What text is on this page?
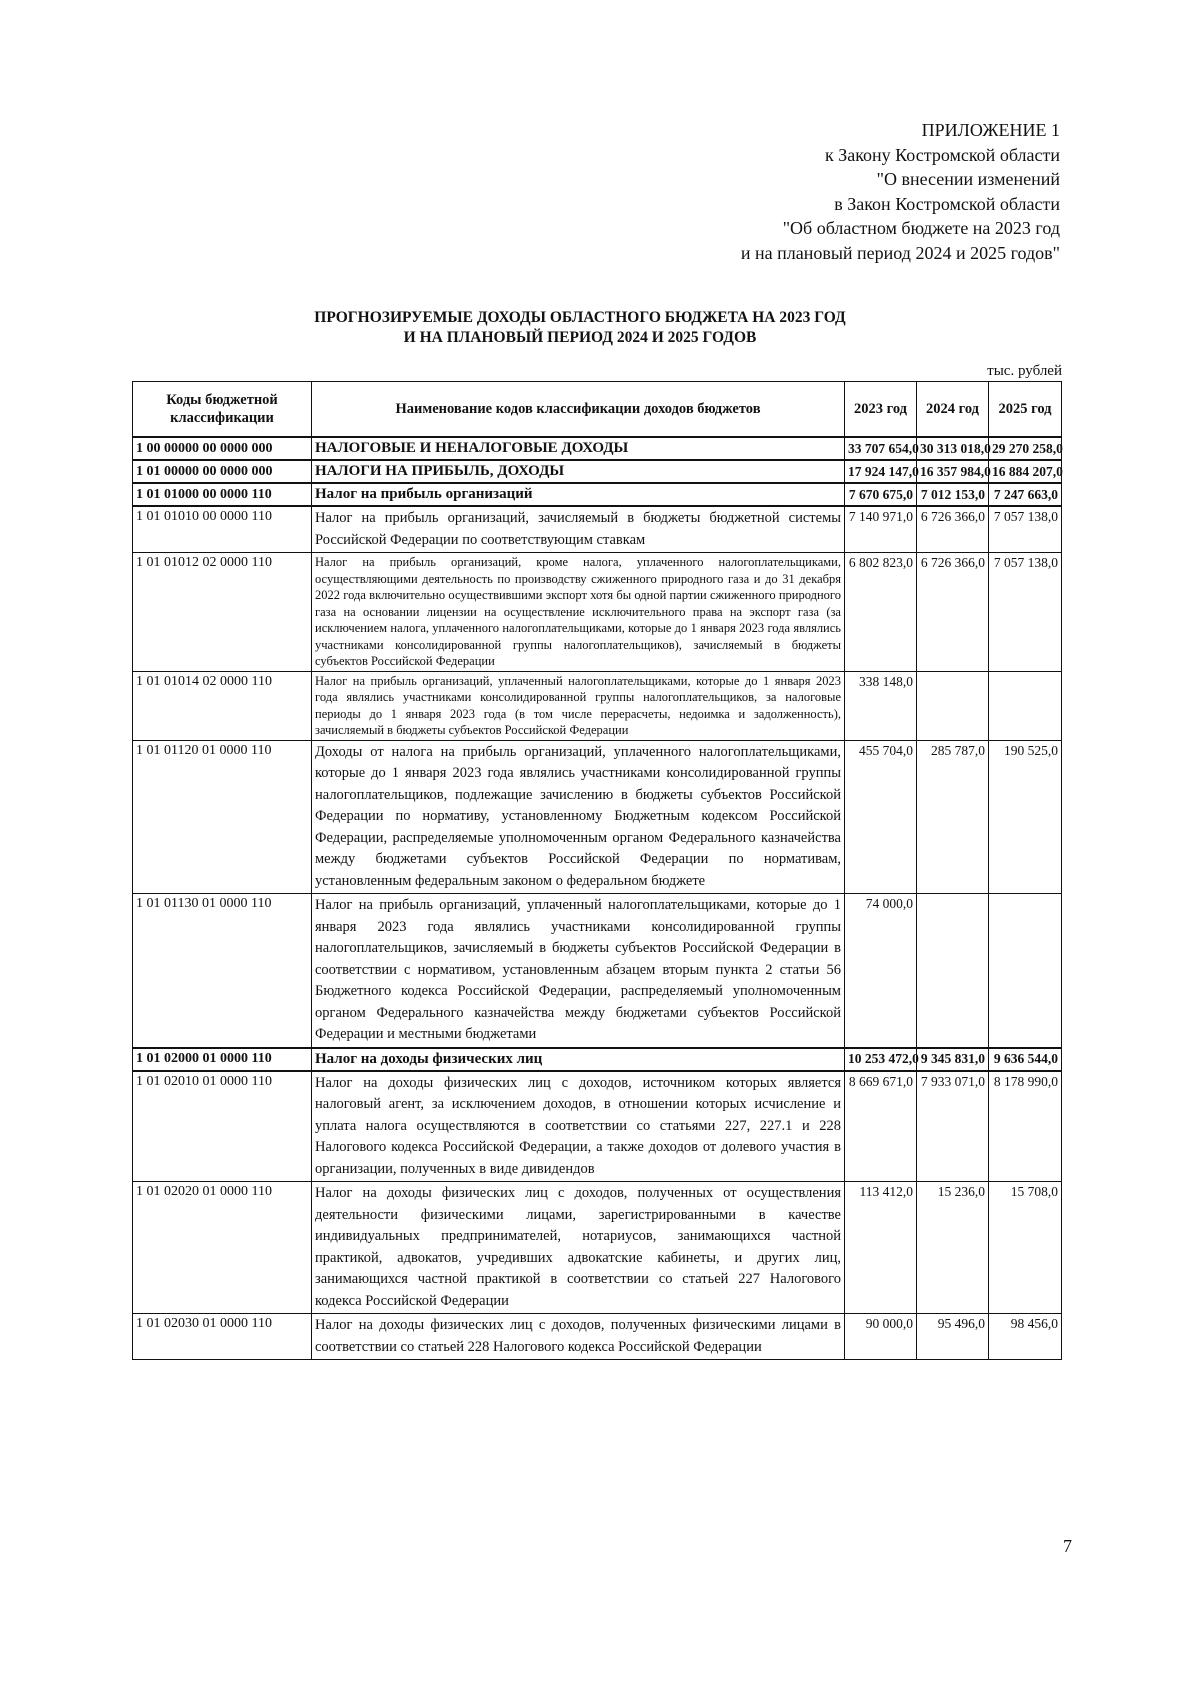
ПРИЛОЖЕНИЕ 1
к Закону Костромской области
"О внесении изменений
в Закон Костромской области
"Об областном бюджете на 2023 год
и на плановый период 2024 и 2025 годов"
ПРОГНОЗИРУЕМЫЕ ДОХОДЫ ОБЛАСТНОГО БЮДЖЕТА НА 2023 ГОД
И НА ПЛАНОВЫЙ ПЕРИОД 2024 И 2025 ГОДОВ
тыс. рублей
Коды бюджетной классификации	Наименование кодов классификации доходов бюджетов	2023 год	2024 год	2025 год
1 00 00000 00 0000 000	НАЛОГОВЫЕ И НЕНАЛОГОВЫЕ ДОХОДЫ	33 707 654,0	30 313 018,0	29 270 258,0
1 01 00000 00 0000 000	НАЛОГИ НА ПРИБЫЛЬ, ДОХОДЫ	17 924 147,0	16 357 984,0	16 884 207,0
1 01 01000 00 0000 110	Налог на прибыль организаций	7 670 675,0	7 012 153,0	7 247 663,0
1 01 01010 00 0000 110	Налог на прибыль организаций, зачисляемый в бюджеты бюджетной системы Российской Федерации по соответствующим ставкам	7 140 971,0	6 726 366,0	7 057 138,0
1 01 01012 02 0000 110	Налог на прибыль организаций, кроме налога, уплаченного налогоплательщиками, осуществляющими деятельность по производству сжиженного природного газа и до 31 декабря 2022 года включительно осуществившими экспорт хотя бы одной партии сжиженного природного газа на основании лицензии на осуществление исключительного права на экспорт газа (за исключением налога, уплаченного налогоплательщиками, которые до 1 января 2023 года являлись участниками консолидированной группы налогоплательщиков), зачисляемый в бюджеты субъектов Российской Федерации	6 802 823,0	6 726 366,0	7 057 138,0
1 01 01014 02 0000 110	Налог на прибыль организаций, уплаченный налогоплательщиками, которые до 1 января 2023 года являлись участниками консолидированной группы налогоплательщиков, за налоговые периоды до 1 января 2023 года (в том числе перерасчеты, недоимка и задолженность), зачисляемый в бюджеты субъектов Российской Федерации	338 148,0		
1 01 01120 01 0000 110	Доходы от налога на прибыль организаций, уплаченного налогоплательщиками, которые до 1 января 2023 года являлись участниками консолидированной группы налогоплательщиков, подлежащие зачислению в бюджеты субъектов Российской Федерации по нормативу, установленному Бюджетным кодексом Российской Федерации, распределяемые уполномоченным органом Федерального казначейства между бюджетами субъектов Российской Федерации по нормативам, установленным федеральным законом о федеральном бюджете	455 704,0	285 787,0	190 525,0
1 01 01130 01 0000 110	Налог на прибыль организаций, уплаченный налогоплательщиками, которые до 1 января 2023 года являлись участниками консолидированной группы налогоплательщиков, зачисляемый в бюджеты субъектов Российской Федерации в соответствии с нормативом, установленным абзацем вторым пункта 2 статьи 56 Бюджетного кодекса Российской Федерации, распределяемый уполномоченным органом Федерального казначейства между бюджетами субъектов Российской Федерации и местными бюджетами	74 000,0		
1 01 02000 01 0000 110	Налог на доходы физических лиц	10 253 472,0	9 345 831,0	9 636 544,0
1 01 02010 01 0000 110	Налог на доходы физических лиц с доходов, источником которых является налоговый агент, за исключением доходов, в отношении которых исчисление и уплата налога осуществляются в соответствии со статьями 227, 227.1 и 228 Налогового кодекса Российской Федерации, а также доходов от долевого участия в организации, полученных в виде дивидендов	8 669 671,0	7 933 071,0	8 178 990,0
1 01 02020 01 0000 110	Налог на доходы физических лиц с доходов, полученных от осуществления деятельности физическими лицами, зарегистрированными в качестве индивидуальных предпринимателей, нотариусов, занимающихся частной практикой, адвокатов, учредивших адвокатские кабинеты, и других лиц, занимающихся частной практикой в соответствии со статьей 227 Налогового кодекса Российской Федерации	113 412,0	15 236,0	15 708,0
1 01 02030 01 0000 110	Налог на доходы физических лиц с доходов, полученных физическими лицами в соответствии со статьей 228 Налогового кодекса Российской Федерации	90 000,0	95 496,0	98 456,0
7
